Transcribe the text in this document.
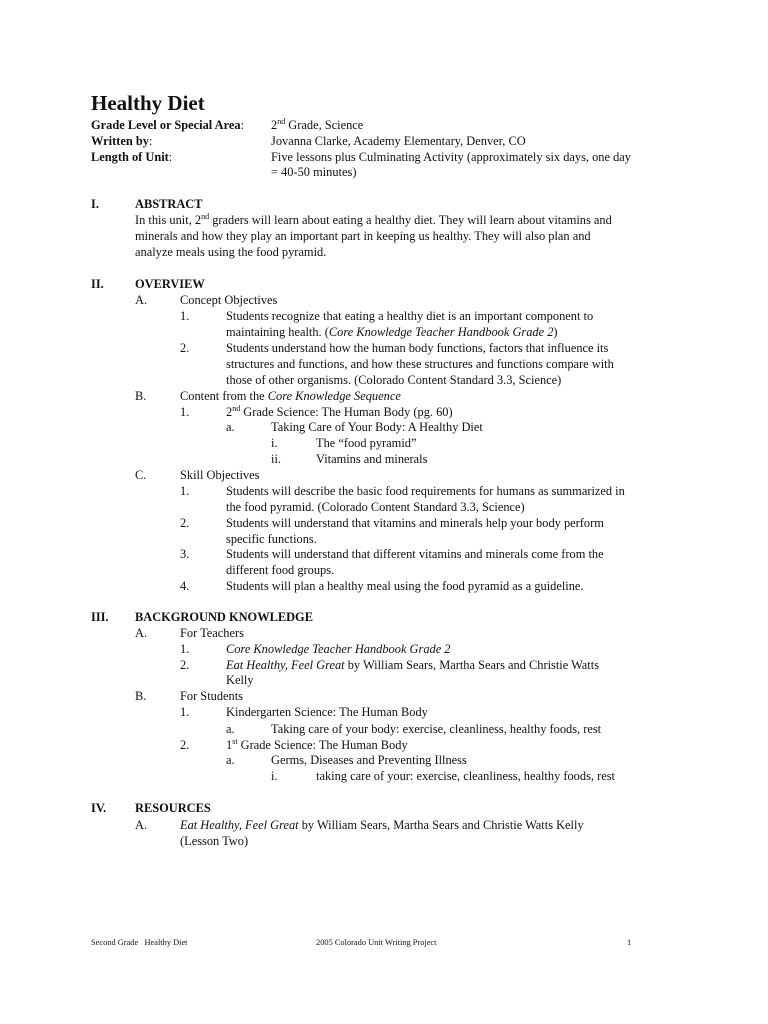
Healthy Diet
Grade Level or Special Area: 2nd Grade, Science
Written by:	Jovanna Clarke, Academy Elementary, Denver, CO
Length of Unit:	Five lessons plus Culminating Activity (approximately six days, one day
= 40-50 minutes)
I.	ABSTRACT
In this unit, 2nd graders will learn about eating a healthy diet. They will learn about vitamins and
minerals and how they play an important part in keeping us healthy. They will also plan and
analyze meals using the food pyramid.
II.	OVERVIEW
A.	Concept Objectives
1.	Students recognize that eating a healthy diet is an important component to
maintaining health. (Core Knowledge Teacher Handbook Grade 2)
2.	Students understand how the human body functions, factors that influence its
structures and functions, and how these structures and functions compare with
those of other organisms. (Colorado Content Standard 3.3, Science)
B.	Content from the Core Knowledge Sequence
1.	2nd Grade Science: The Human Body (pg. 60)
a.	Taking Care of Your Body: A Healthy Diet
i.	The “food pyramid”
ii.	Vitamins and minerals
C.	Skill Objectives
1.	Students will describe the basic food requirements for humans as summarized in
the food pyramid. (Colorado Content Standard 3.3, Science)
2.	Students will understand that vitamins and minerals help your body perform
specific functions.
3.	Students will understand that different vitamins and minerals come from the
different food groups.
4.	Students will plan a healthy meal using the food pyramid as a guideline.
III. BACKGROUND KNOWLEDGE
A.	For Teachers
1.	Core Knowledge Teacher Handbook Grade 2
2.	Eat Healthy, Feel Great by William Sears, Martha Sears and Christie Watts
Kelly
B.	For Students
1.	Kindergarten Science: The Human Body
a.	Taking care of your body: exercise, cleanliness, healthy foods, rest
2.	1st Grade Science: The Human Body
a.	Germs, Diseases and Preventing Illness
i.	taking care of your: exercise, cleanliness, healthy foods, rest
IV. RESOURCES
A.	Eat Healthy, Feel Great by William Sears, Martha Sears and Christie Watts Kelly
(Lesson Two)
Second Grade   Healthy Diet	2005 Colorado Unit Writing Project	1
